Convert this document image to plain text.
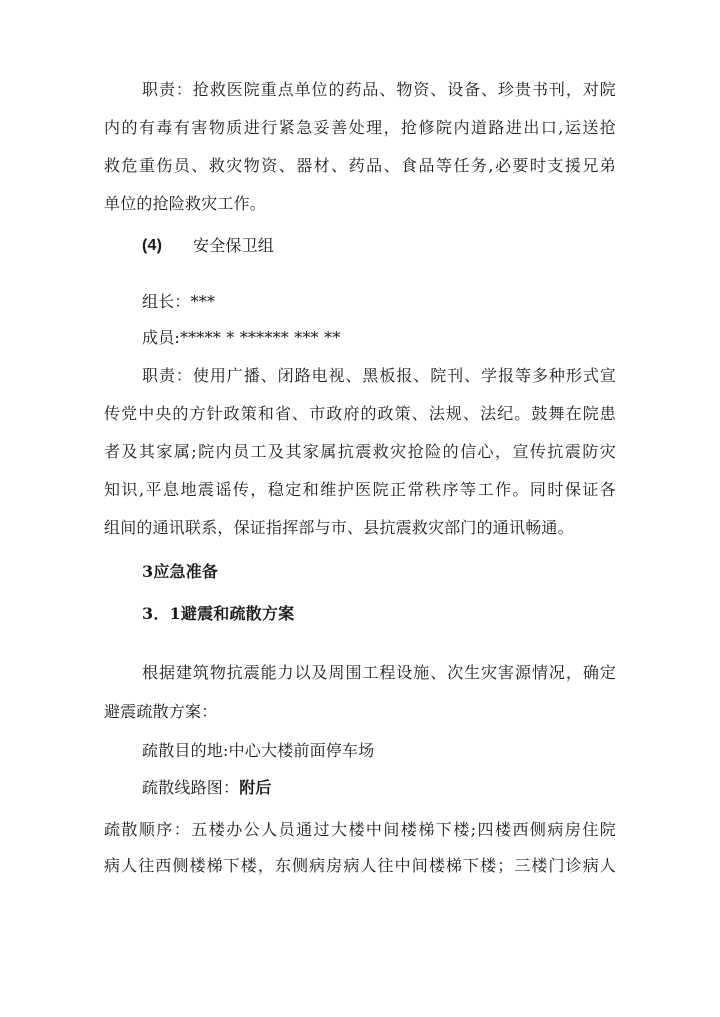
职责：抢救医院重点单位的药品、物资、设备、珍贵书刊，对院
内的有毒有害物质进行紧急妥善处理，抢修院内道路进出口,运送抢
救危重伤员、救灾物资、器材、药品、食品等任务,必要时支援兄弟
单位的抢险救灾工作。
(4) 安全保卫组
组长：***
成员:***** * ****** *** **
职责：使用广播、闭路电视、黑板报、院刊、学报等多种形式宣
传党中央的方针政策和省、市政府的政策、法规、法纪。鼓舞在院患
者及其家属;院内员工及其家属抗震救灾抢险的信心，宣传抗震防灾
知识,平息地震谣传，稳定和维护医院正常秩序等工作。同时保证各
组间的通讯联系，保证指挥部与市、县抗震救灾部门的通讯畅通。
3应急准备
3．1避震和疏散方案
根据建筑物抗震能力以及周围工程设施、次生灾害源情况，确定
避震疏散方案：
疏散目的地:中心大楼前面停车场
疏散线路图：附后
疏散顺序：五楼办公人员通过大楼中间楼梯下楼;四楼西侧病房住院
病人往西侧楼梯下楼，东侧病房病人往中间楼梯下楼；三楼门诊病人
